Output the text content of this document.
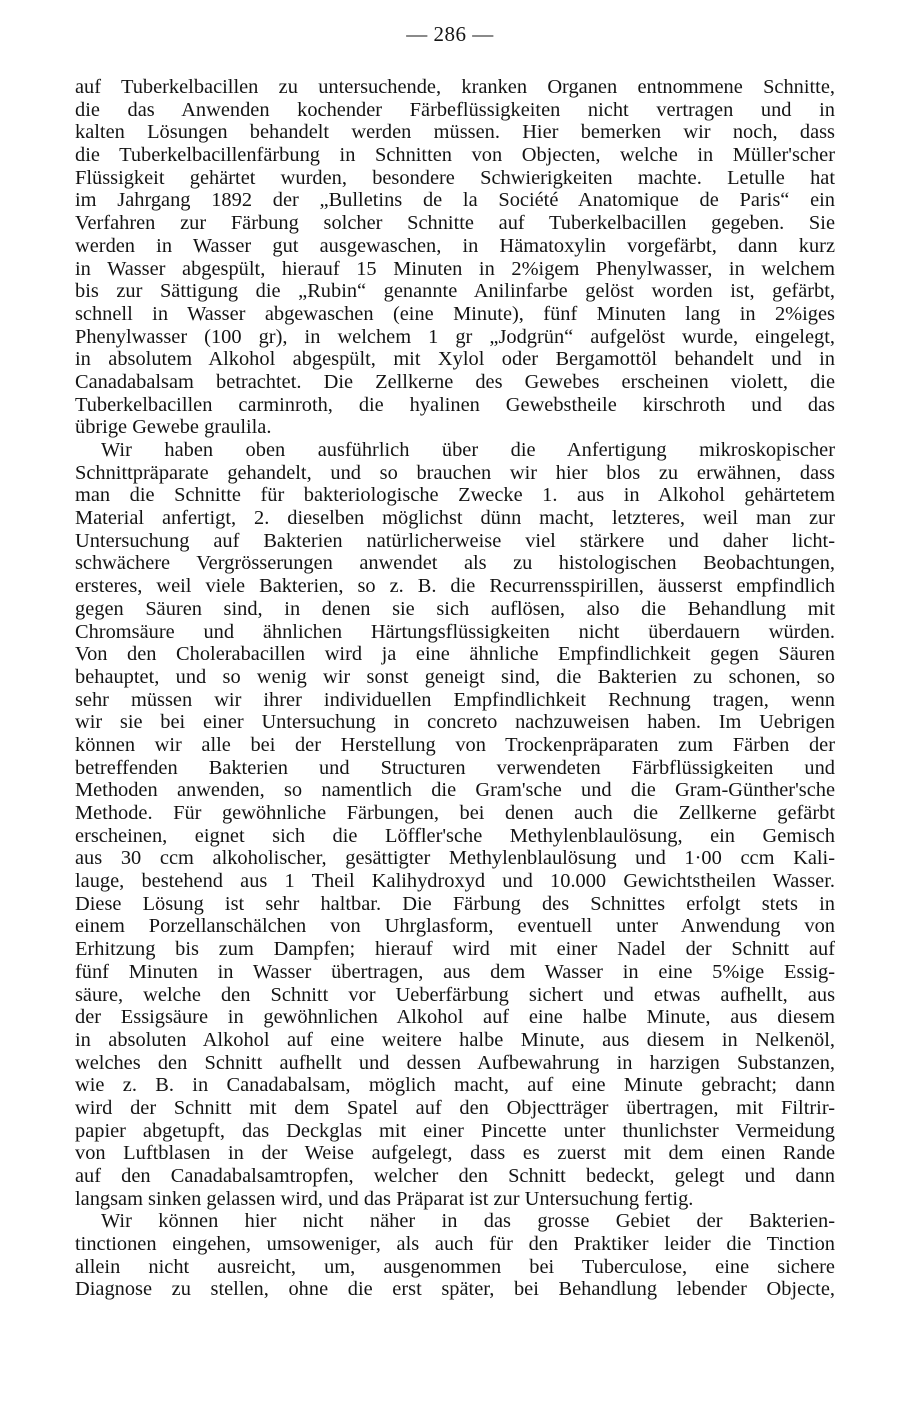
— 286 —
auf Tuberkelbacillen zu untersuchende, kranken Organen entnommene Schnitte,
die das Anwenden kochender Färbeflüssigkeiten nicht vertragen und in
kalten Lösungen behandelt werden müssen. Hier bemerken wir noch, dass
die Tuberkelbacillenfärbung in Schnitten von Objecten, welche in Müller'scher
Flüssigkeit gehärtet wurden, besondere Schwierigkeiten machte. Letulle hat
im Jahrgang 1892 der „Bulletins de la Société Anatomique de Paris“ ein
Verfahren zur Färbung solcher Schnitte auf Tuberkelbacillen gegeben. Sie
werden in Wasser gut ausgewaschen, in Hämatoxylin vorgefärbt, dann kurz
in Wasser abgespült, hierauf 15 Minuten in 2%igem Phenylwasser, in welchem
bis zur Sättigung die „Rubin“ genannte Anilinfarbe gelöst worden ist, gefärbt,
schnell in Wasser abgewaschen (eine Minute), fünf Minuten lang in 2%iges
Phenylwasser (100 gr), in welchem 1 gr „Jodgrün“ aufgelöst wurde, eingelegt,
in absolutem Alkohol abgespült, mit Xylol oder Bergamottöl behandelt und in
Canadabalsam betrachtet. Die Zellkerne des Gewebes erscheinen violett, die
Tuberkelbacillen carminroth, die hyalinen Gewebstheile kirschroth und das
übrige Gewebe graulila.
Wir haben oben ausführlich über die Anfertigung mikroskopischer
Schnittpräparate gehandelt, und so brauchen wir hier blos zu erwähnen, dass
man die Schnitte für bakteriologische Zwecke 1. aus in Alkohol gehärtetem
Material anfertigt, 2. dieselben möglichst dünn macht, letzteres, weil man zur
Untersuchung auf Bakterien natürlicherweise viel stärkere und daher licht-
schwächere Vergrösserungen anwendet als zu histologischen Beobachtungen,
ersteres, weil viele Bakterien, so z. B. die Recurrensspirillen, äusserst empfindlich
gegen Säuren sind, in denen sie sich auflösen, also die Behandlung mit
Chromsäure und ähnlichen Härtungsflüssigkeiten nicht überdauern würden.
Von den Cholerabacillen wird ja eine ähnliche Empfindlichkeit gegen Säuren
behauptet, und so wenig wir sonst geneigt sind, die Bakterien zu schonen, so
sehr müssen wir ihrer individuellen Empfindlichkeit Rechnung tragen, wenn
wir sie bei einer Untersuchung in concreto nachzuweisen haben. Im Uebrigen
können wir alle bei der Herstellung von Trockenpräparaten zum Färben der
betreffenden Bakterien und Structuren verwendeten Färbflüssigkeiten und
Methoden anwenden, so namentlich die Gram'sche und die Gram-Günther'sche
Methode. Für gewöhnliche Färbungen, bei denen auch die Zellkerne gefärbt
erscheinen, eignet sich die Löffler'sche Methylenblaulösung, ein Gemisch
aus 30 ccm alkoholischer, gesättigter Methylenblaulösung und 1·00 ccm Kali-
lauge, bestehend aus 1 Theil Kalihydroxyd und 10.000 Gewichtstheilen Wasser.
Diese Lösung ist sehr haltbar. Die Färbung des Schnittes erfolgt stets in
einem Porzellanschälchen von Uhrglasform, eventuell unter Anwendung von
Erhitzung bis zum Dampfen; hierauf wird mit einer Nadel der Schnitt auf
fünf Minuten in Wasser übertragen, aus dem Wasser in eine 5%ige Essig-
säure, welche den Schnitt vor Ueberfärbung sichert und etwas aufhellt, aus
der Essigsäure in gewöhnlichen Alkohol auf eine halbe Minute, aus diesem
in absoluten Alkohol auf eine weitere halbe Minute, aus diesem in Nelkenöl,
welches den Schnitt aufhellt und dessen Aufbewahrung in harzigen Substanzen,
wie z. B. in Canadabalsam, möglich macht, auf eine Minute gebracht; dann
wird der Schnitt mit dem Spatel auf den Objectträger übertragen, mit Filtrir-
papier abgetupft, das Deckglas mit einer Pincette unter thunlichster Vermeidung
von Luftblasen in der Weise aufgelegt, dass es zuerst mit dem einen Rande
auf den Canadabalsamtropfen, welcher den Schnitt bedeckt, gelegt und dann
langsam sinken gelassen wird, und das Präparat ist zur Untersuchung fertig.
Wir können hier nicht näher in das grosse Gebiet der Bakterien-
tinctionen eingehen, umsoweniger, als auch für den Praktiker leider die Tinction
allein nicht ausreicht, um, ausgenommen bei Tuberculose, eine sichere
Diagnose zu stellen, ohne die erst später, bei Behandlung lebender Objecte,
